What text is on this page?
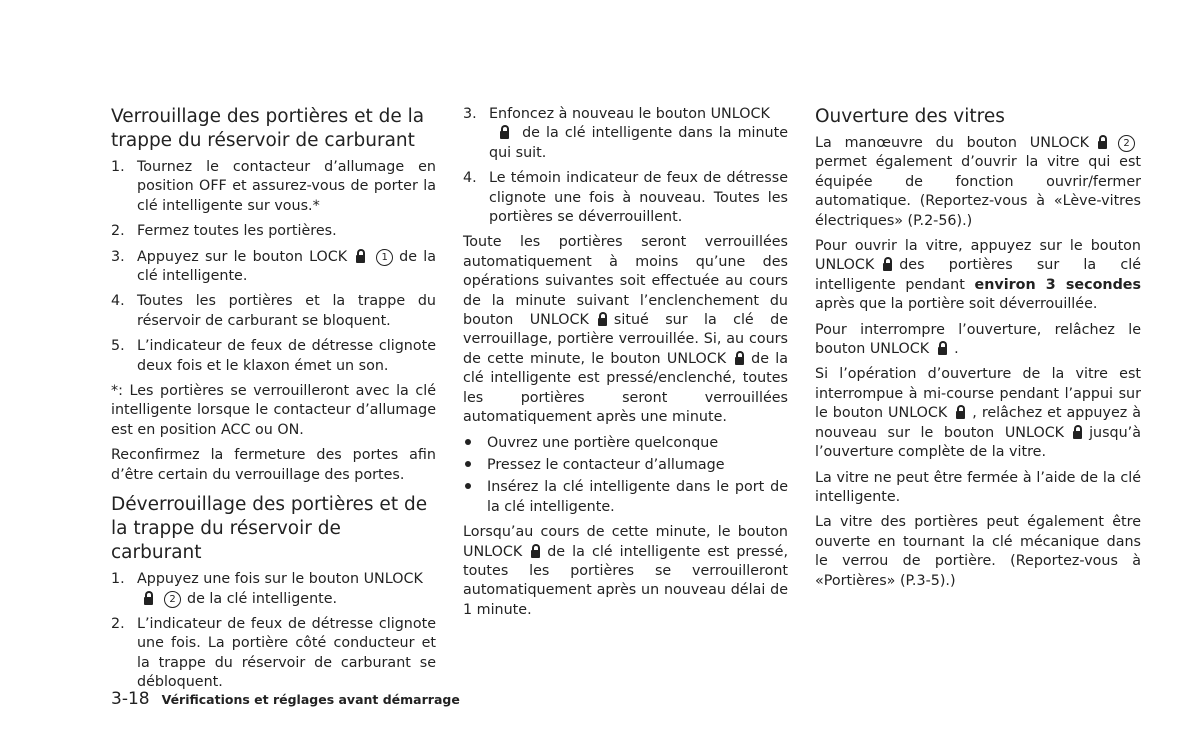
Verrouillage des portières et de la trappe du réservoir de carburant
1. Tournez le contacteur d’allumage en position OFF et assurez-vous de porter la clé intelligente sur vous.*
2. Fermez toutes les portières.
3. Appuyez sur le bouton LOCK	1 de la clé intelligente.
4. Toutes les portières et la trappe du réservoir de carburant se bloquent.
5. L’indicateur de feux de détresse clignote deux fois et le klaxon émet un son.

*: Les portières se verrouilleront avec la clé intelligente lorsque le contacteur d’allumage est en position ACC ou ON.

Reconfirmez la fermeture des portes afin d’être certain du verrouillage des portes.

Déverrouillage des portières et de la trappe du réservoir de carburant
1. Appuyez une fois sur le bouton UNLOCK
2 de la clé intelligente.
2. L’indicateur de feux de détresse clignote une fois. La portière côté conducteur et la trappe du réservoir de carburant se débloquent.
3. Enfoncez à nouveau le bouton UNLOCK
de la clé intelligente dans la minute qui suit.
4. Le témoin indicateur de feux de détresse clignote une fois à nouveau. Toutes les portières se déverrouillent.

Toute les portières seront verrouillées automatiquement à moins qu’une des opérations suivantes soit effectuée au cours de la minute suivant l’enclenchement du bouton UNLOCK situé sur la clé de verrouillage, portière verrouillée. Si, au cours de cette minute, le bouton UNLOCK de la clé intelligente est pressé/enclenché, toutes les portières seront verrouillées automatiquement après une minute.

Ouvrez une portière quelconque
Pressez le contacteur d’allumage
Insérez la clé intelligente dans le port de la clé intelligente.

Lorsqu’au cours de cette minute, le bouton UNLOCK de la clé intelligente est pressé, toutes les portières se verrouilleront automatiquement après un nouveau délai de 1 minute.

Ouverture des vitres

La manœuvre du bouton UNLOCK	2permet également d’ouvrir la vitre qui est équipée de fonction ouvrir/fermer automatique. (Reportez-vous à «Lève-vitres électriques» (P.2-56).)

Pour ouvrir la vitre, appuyez sur le bouton UNLOCK des portières sur la clé intelligente pendant environ 3 secondes après que la portière soit déverrouillée.

Pour interrompre l’ouverture, relâchez le bouton UNLOCK .

Si l’opération d’ouverture de la vitre est interrompue à mi-course pendant l’appui sur le bouton UNLOCK , relâchez et appuyez à nouveau sur le bouton UNLOCK jusqu’à l’ouverture complète de la vitre.

La vitre ne peut être fermée à l’aide de la clé intelligente.

La vitre des portières peut également être ouverte en tournant la clé mécanique dans le verrou de portière. (Reportez-vous à «Portières» (P.3-5).)

3-18 Vérifications et réglages avant démarrage
